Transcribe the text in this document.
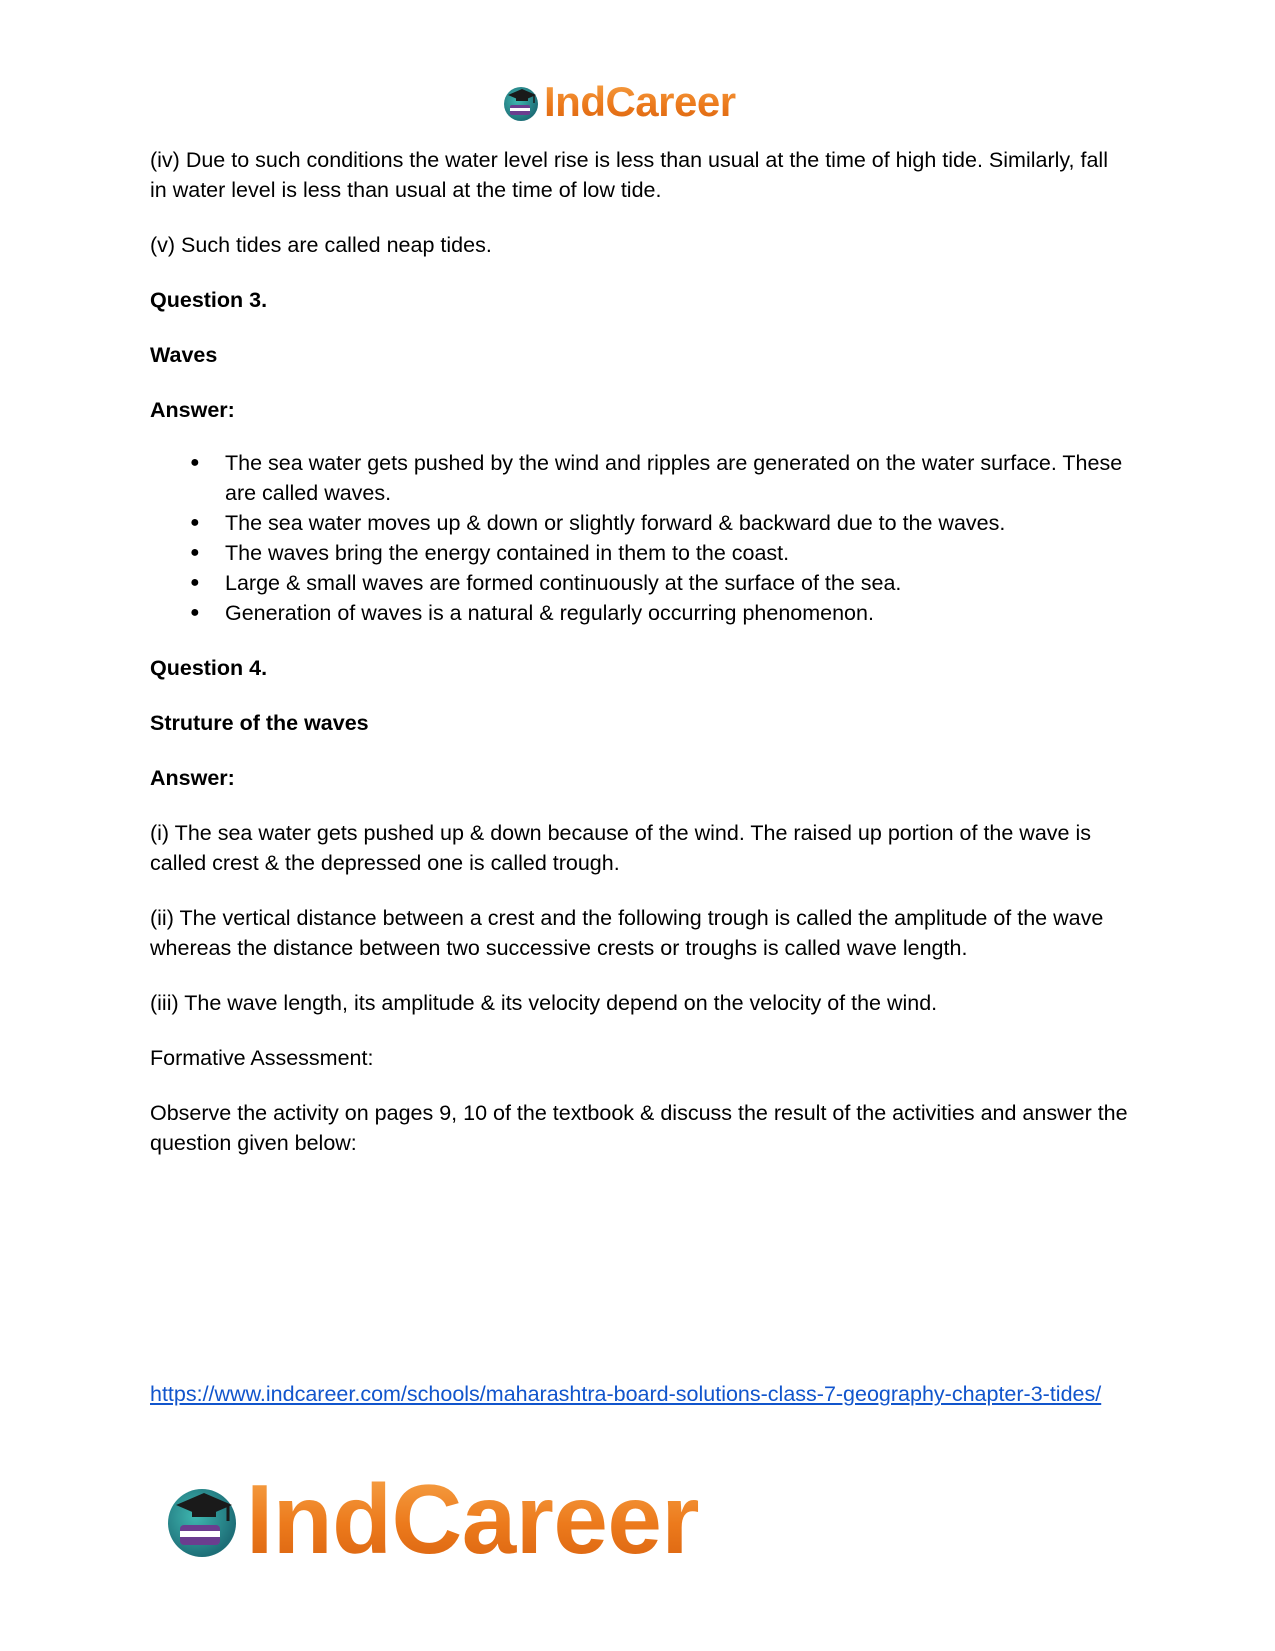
IndCareer

(iv) Due to such conditions the water level rise is less than usual at the time of high tide. Similarly, fall in water level is less than usual at the time of low tide.

(v) Such tides are called neap tides.

Question 3.

Waves

Answer:

● The sea water gets pushed by the wind and ripples are generated on the water surface. These are called waves.
● The sea water moves up & down or slightly forward & backward due to the waves.
● The waves bring the energy contained in them to the coast.
● Large & small waves are formed continuously at the surface of the sea.
● Generation of waves is a natural & regularly occurring phenomenon.

Question 4.

Struture of the waves

Answer:

(i) The sea water gets pushed up & down because of the wind. The raised up portion of the wave is called crest & the depressed one is called trough.

(ii) The vertical distance between a crest and the following trough is called the amplitude of the wave whereas the distance between two successive crests or troughs is called wave length.

(iii) The wave length, its amplitude & its velocity depend on the velocity of the wind.

Formative Assessment:

Observe the activity on pages 9, 10 of the textbook & discuss the result of the activities and answer the question given below:

https://www.indcareer.com/schools/maharashtra-board-solutions-class-7-geography-chapter-3-tides/
IndCareer
